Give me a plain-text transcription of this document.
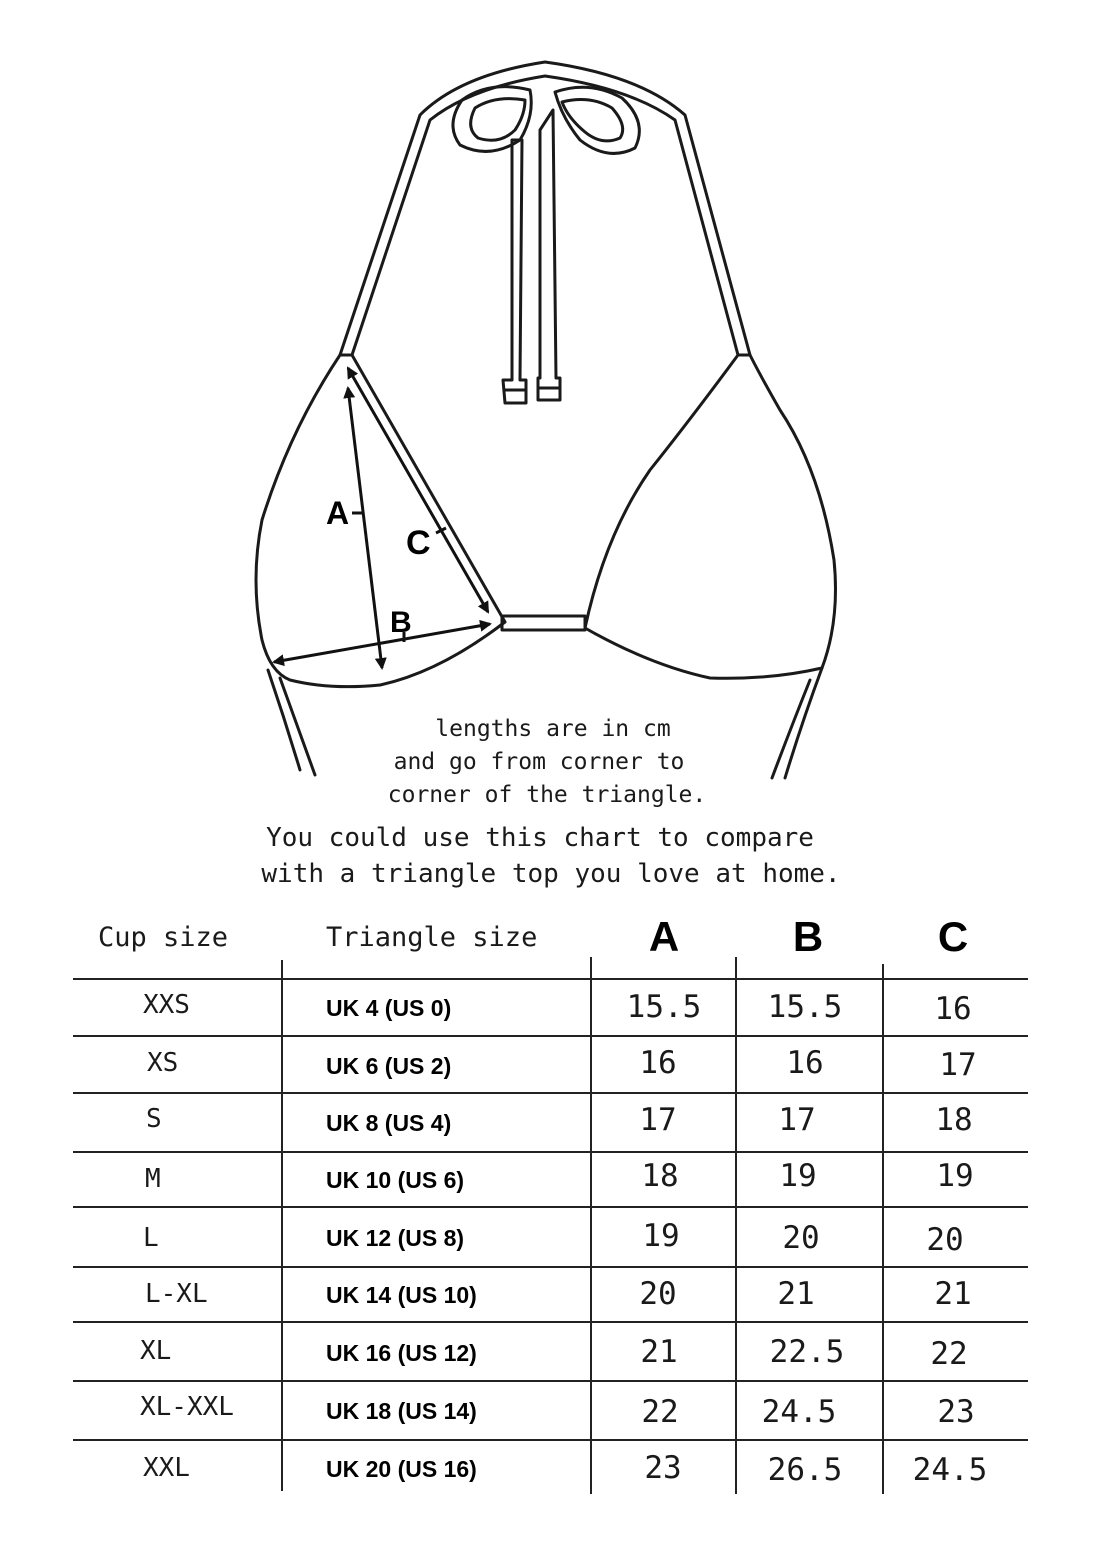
A
C
B
lengths are in cm
and go from corner to
corner of the triangle.
You could use this chart to compare
with a triangle top you love at home.
Cup size	Triangle size	A	B	C
XXS	UK 4 (US 0)	15.5	15.5	16
XS	UK 6 (US 2)	16	16	17
S	UK 8 (US 4)	17	17	18
M	UK 10 (US 6)	18	19	19
L	UK 12 (US 8)	19	20	20
L-XL	UK 14 (US 10)	20	21	21
XL	UK 16 (US 12)	21	22.5	22
XL-XXL	UK 18 (US 14)	22	24.5	23
XXL	UK 20 (US 16)	23	26.5	24.5
